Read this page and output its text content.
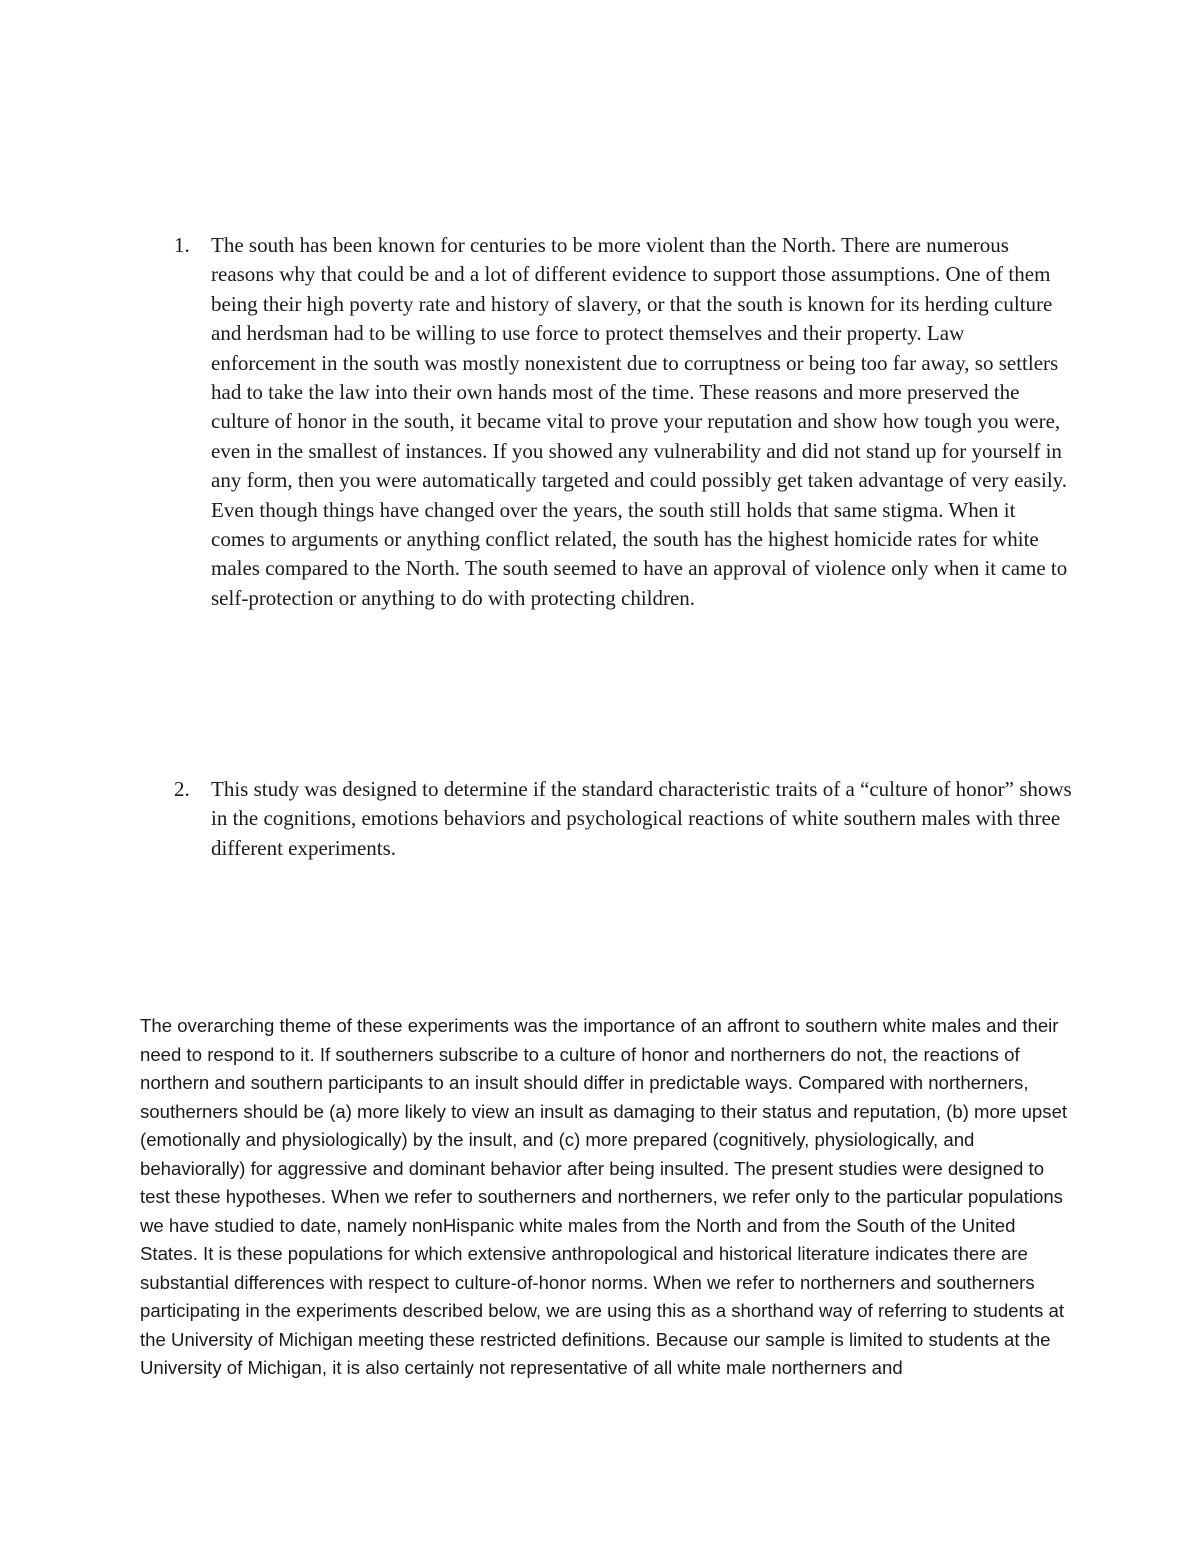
1.	The south has been known for centuries to be more violent than the North. There are numerous reasons why that could be and a lot of different evidence to support those assumptions. One of them being their high poverty rate and history of slavery, or that the south is known for its herding culture and herdsman had to be willing to use force to protect themselves and their property. Law enforcement in the south was mostly nonexistent due to corruptness or being too far away, so settlers had to take the law into their own hands most of the time. These reasons and more preserved the culture of honor in the south, it became vital to prove your reputation and show how tough you were, even in the smallest of instances. If you showed any vulnerability and did not stand up for yourself in any form, then you were automatically targeted and could possibly get taken advantage of very easily. Even though things have changed over the years, the south still holds that same stigma. When it comes to arguments or anything conflict related, the south has the highest homicide rates for white males compared to the North. The south seemed to have an approval of violence only when it came to self-protection or anything to do with protecting children.
2.	This study was designed to determine if the standard characteristic traits of a “culture of honor” shows in the cognitions, emotions behaviors and psychological reactions of white southern males with three different experiments.
The overarching theme of these experiments was the importance of an affront to southern white males and their need to respond to it. If southerners subscribe to a culture of honor and northerners do not, the reactions of northern and southern participants to an insult should differ in predictable ways. Compared with northerners, southerners should be (a) more likely to view an insult as damaging to their status and reputation, (b) more upset (emotionally and physiologically) by the insult, and (c) more prepared (cognitively, physiologically, and behaviorally) for aggressive and dominant behavior after being insulted. The present studies were designed to test these hypotheses. When we refer to southerners and northerners, we refer only to the particular populations we have studied to date, namely nonHispanic white males from the North and from the South of the United States. It is these populations for which extensive anthropological and historical literature indicates there are substantial differences with respect to culture-of-honor norms. When we refer to northerners and southerners participating in the experiments described below, we are using this as a shorthand way of referring to students at the University of Michigan meeting these restricted definitions. Because our sample is limited to students at the University of Michigan, it is also certainly not representative of all white male northerners and
